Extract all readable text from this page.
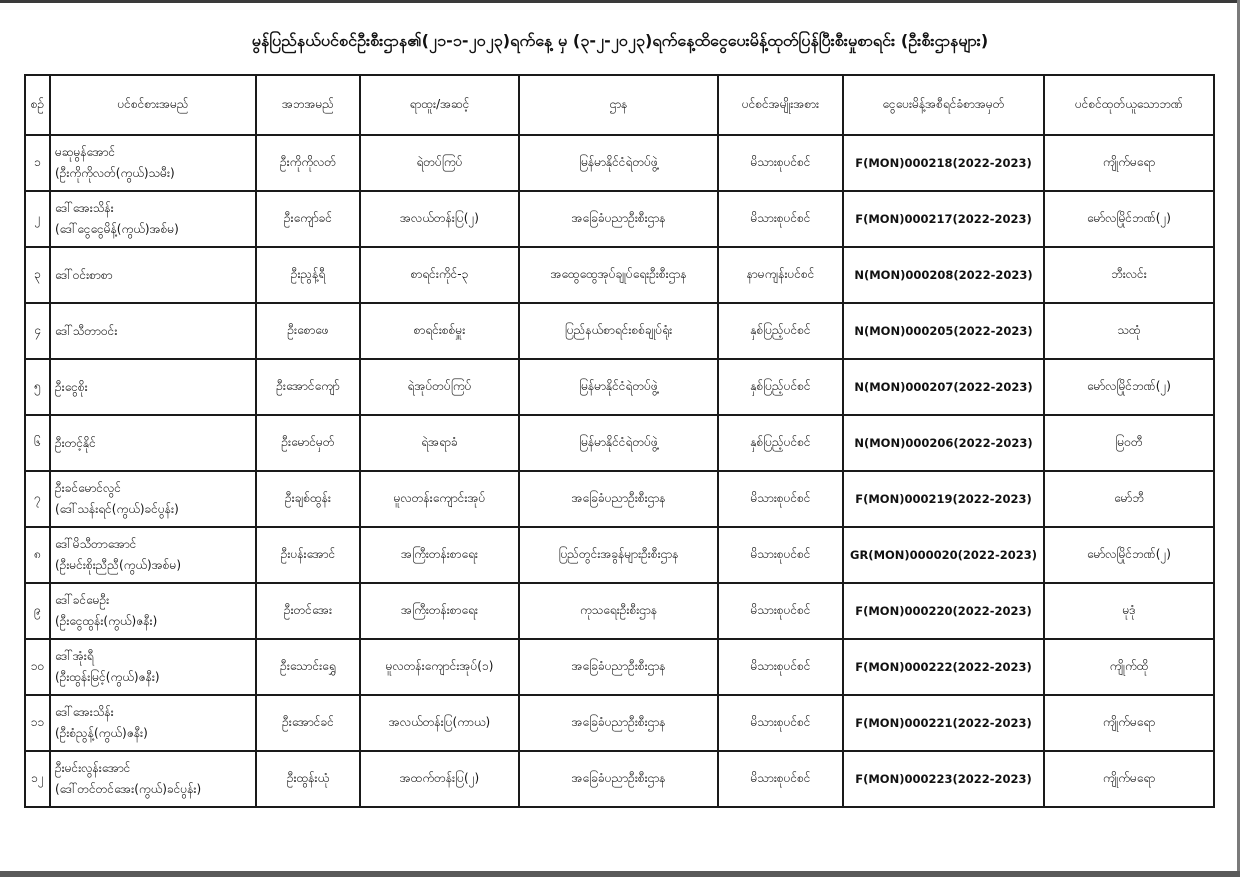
မွန်ပြည်နယ်ပင်စင်ဦးစီးဌာန၏(၂၁-၁-၂၀၂၃)ရက်နေ့ မှ (၃-၂-၂၀၂၃)ရက်နေ့ထိငွေပေးမိန့်ထုတ်ပြန်ပြီးစီးမှုစာရင်း (ဦးစီးဌာနများ)
စဉ်	ပင်စင်စားအမည်	အဘအမည်	ရာထူး/အဆင့်	ဌာန	ပင်စင်အမျိုးအစား	ငွေပေးမိန့်အစီရင်ခံစာအမှတ်	ပင်စင်ထုတ်ယူသောဘဏ်
၁	မဆုမွန်အောင်
(ဦးကိုကိုလတ်(ကွယ်)သမီး)	ဦးကိုကိုလတ်	ရဲတပ်ကြပ်	မြန်မာနိုင်ငံရဲတပ်ဖွဲ့	မိသားစုပင်စင်	F(MON)000218(2022-2023)	ကျိုက်မရော
၂	ဒေါ်အေးသိန်း
(ဒေါ်ငွေငွေမိန့်(ကွယ်)အစ်မ)	ဦးကျော်ခင်	အလယ်တန်းပြ(၂)	အခြေခံပညာဦးစီးဌာန	မိသားစုပင်စင်	F(MON)000217(2022-2023)	မော်လမြိုင်ဘဏ်(၂)
၃	ဒေါ်ဝင်းစာစာ	ဦးညွန့်ရီ	စာရင်းကိုင်-၃	အထွေထွေအုပ်ချုပ်ရေးဦးစီးဌာန	နာမကျန်းပင်စင်	N(MON)000208(2022-2023)	ဘီးလင်း
၄	ဒေါ်သီတာဝင်း	ဦးစောဖေ	စာရင်းစစ်မှူး	ပြည်နယ်စာရင်းစစ်ချုပ်ရုံး	နှစ်ပြည့်ပင်စင်	N(MON)000205(2022-2023)	သထုံ
၅	ဦးငွေစိုး	ဦးအောင်ကျော်	ရဲအုပ်တပ်ကြပ်	မြန်မာနိုင်ငံရဲတပ်ဖွဲ့	နှစ်ပြည့်ပင်စင်	N(MON)000207(2022-2023)	မော်လမြိုင်ဘဏ်(၂)
၆	ဦးတင့်နိုင်	ဦးမောင်မှတ်	ရဲအရာခံ	မြန်မာနိုင်ငံရဲတပ်ဖွဲ့	နှစ်ပြည့်ပင်စင်	N(MON)000206(2022-2023)	မြဝတီ
၇	ဦးခင်မောင်လွင်
(ဒေါ်သန်းရင်(ကွယ်)ခင်ပွန်း)	ဦးချစ်ထွန်း	မူလတန်းကျောင်းအုပ်	အခြေခံပညာဦးစီးဌာန	မိသားစုပင်စင်	F(MON)000219(2022-2023)	မော်ဘီ
၈	ဒေါ်မိသီတာအောင်
(ဦးမင်းစိုးညီညီ(ကွယ်)အစ်မ)	ဦးပန်းအောင်	အကြီးတန်းစာရေး	ပြည်တွင်းအခွန်များဦးစီးဌာန	မိသားစုပင်စင်	GR(MON)000020(2022-2023)	မော်လမြိုင်ဘဏ်(၂)
၉	ဒေါ်ခင်မေဦး
(ဦးငွေထွန်း(ကွယ်)ဇနီး)	ဦးတင်အေး	အကြီးတန်းစာရေး	ကုသရေးဦးစီးဌာန	မိသားစုပင်စင်	F(MON)000220(2022-2023)	မုဒုံ
၁၀	ဒေါ်အုံးရီ
(ဦးထွန်းမြင့်(ကွယ်)ဇနီး)	ဦးသောင်းရွှေ	မူလတန်းကျောင်းအုပ်(၁)	အခြေခံပညာဦးစီးဌာန	မိသားစုပင်စင်	F(MON)000222(2022-2023)	ကျိုက်ထို
၁၁	ဒေါ်အေးသိန်း
(ဦးစံညွန့်(ကွယ်)ဇနီး)	ဦးအောင်ခင်	အလယ်တန်းပြ(ကာယ)	အခြေခံပညာဦးစီးဌာန	မိသားစုပင်စင်	F(MON)000221(2022-2023)	ကျိုက်မရော
၁၂	ဦးမင်းလွန်းအောင်
(ဒေါ်တင်တင်အေး(ကွယ်)ခင်ပွန်း)	ဦးထွန်းယုံ	အထက်တန်းပြ(၂)	အခြေခံပညာဦးစီးဌာန	မိသားစုပင်စင်	F(MON)000223(2022-2023)	ကျိုက်မရော
